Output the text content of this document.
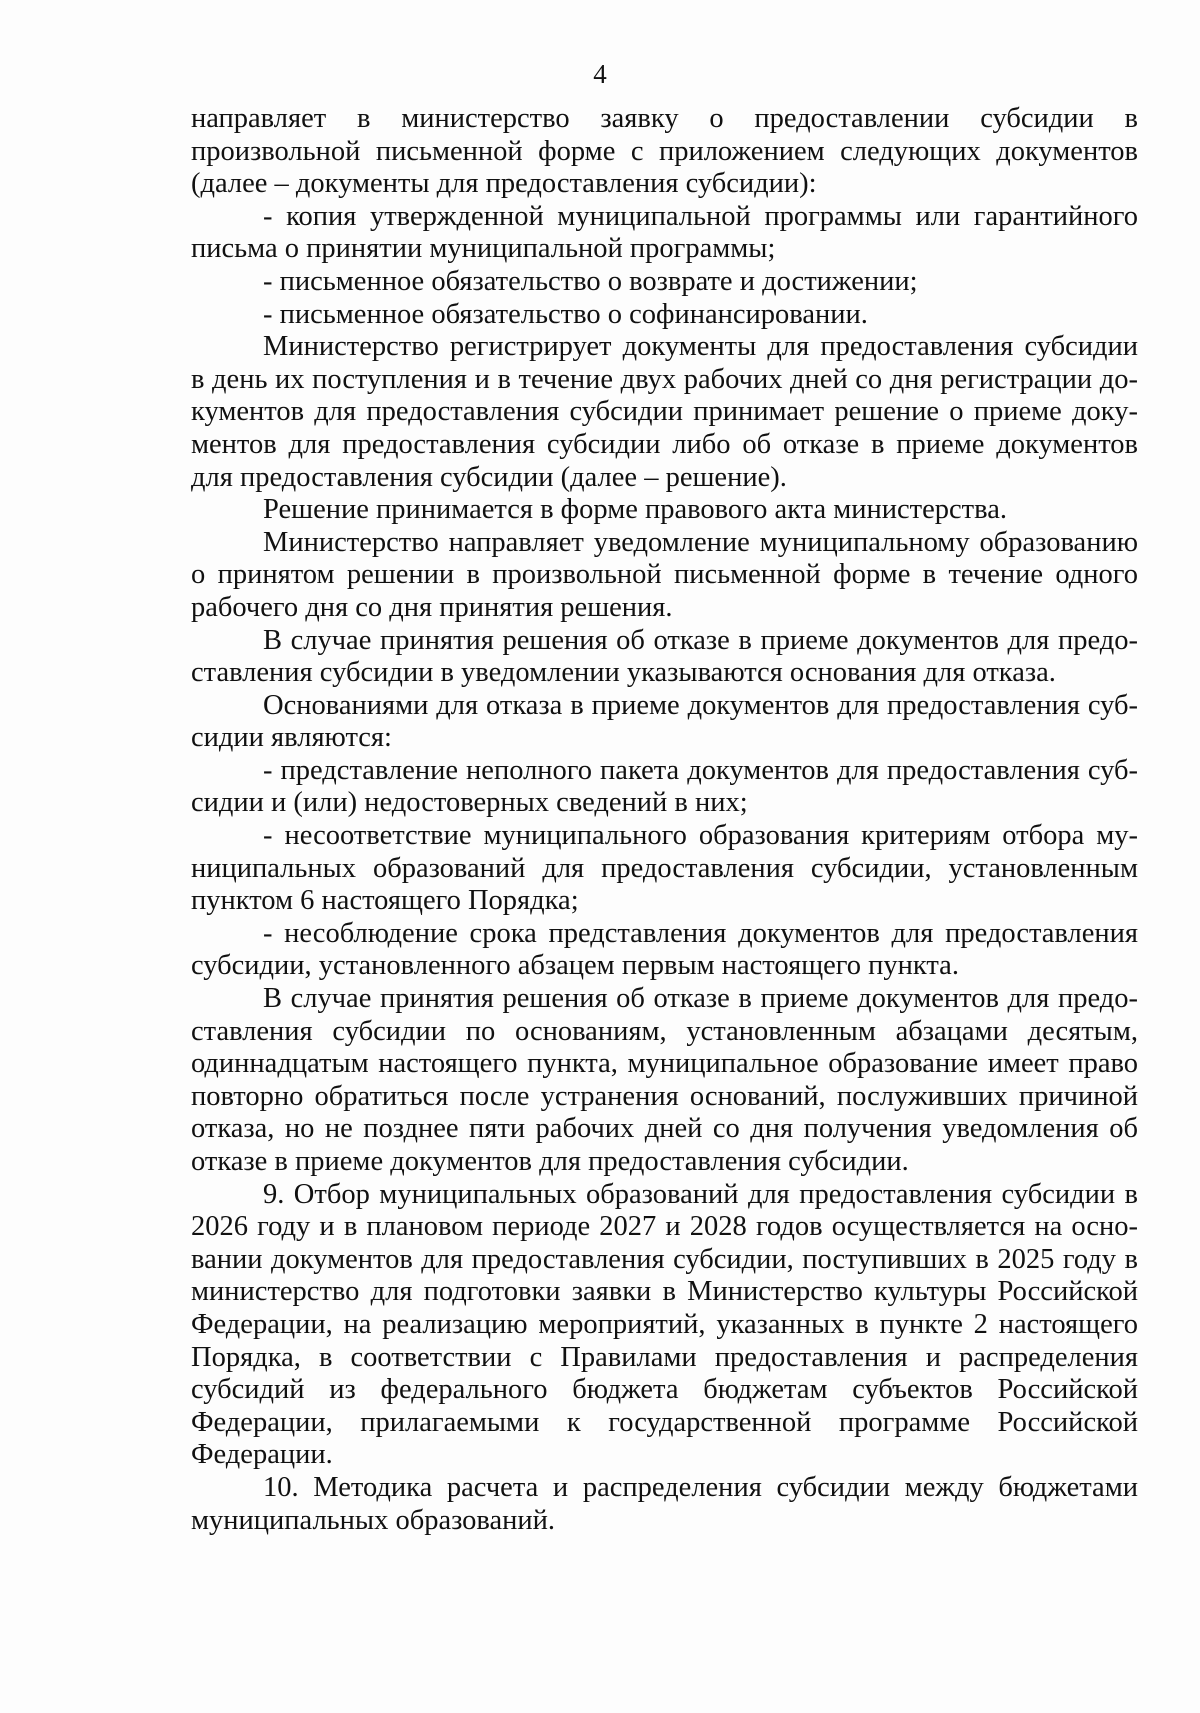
4

направляет в министерство заявку о предоставлении субсидии в произвольной письменной форме с приложением следующих документов (далее – документы для предоставления субсидии):

- копия утвержденной муниципальной программы или гарантийного письма о принятии муниципальной программы;

- письменное обязательство о возврате и достижении;

- письменное обязательство о софинансировании.

Министерство регистрирует документы для предоставления субсидии в день их поступления и в течение двух рабочих дней со дня регистрации документов для предоставления субсидии принимает решение о приеме документов для предоставления субсидии либо об отказе в приеме документов для предоставления субсидии (далее – решение).

Решение принимается в форме правового акта министерства.

Министерство направляет уведомление муниципальному образованию о принятом решении в произвольной письменной форме в течение одного рабочего дня со дня принятия решения.

В случае принятия решения об отказе в приеме документов для предоставления субсидии в уведомлении указываются основания для отказа.

Основаниями для отказа в приеме документов для предоставления субсидии являются:

- представление неполного пакета документов для предоставления субсидии и (или) недостоверных сведений в них;

- несоответствие муниципального образования критериям отбора муниципальных образований для предоставления субсидии, установленным пунктом 6 настоящего Порядка;

- несоблюдение срока представления документов для предоставления субсидии, установленного абзацем первым настоящего пункта.

В случае принятия решения об отказе в приеме документов для предоставления субсидии по основаниям, установленным абзацами десятым, одиннадцатым настоящего пункта, муниципальное образование имеет право повторно обратиться после устранения оснований, послуживших причиной отказа, но не позднее пяти рабочих дней со дня получения уведомления об отказе в приеме документов для предоставления субсидии.

9. Отбор муниципальных образований для предоставления субсидии в 2026 году и в плановом периоде 2027 и 2028 годов осуществляется на основании документов для предоставления субсидии, поступивших в 2025 году в министерство для подготовки заявки в Министерство культуры Российской Федерации, на реализацию мероприятий, указанных в пункте 2 настоящего Порядка, в соответствии с Правилами предоставления и распределения субсидий из федерального бюджета бюджетам субъектов Российской Федерации, прилагаемыми к государственной программе Российской Федерации.

10. Методика расчета и распределения субсидии между бюджетами муниципальных образований.
